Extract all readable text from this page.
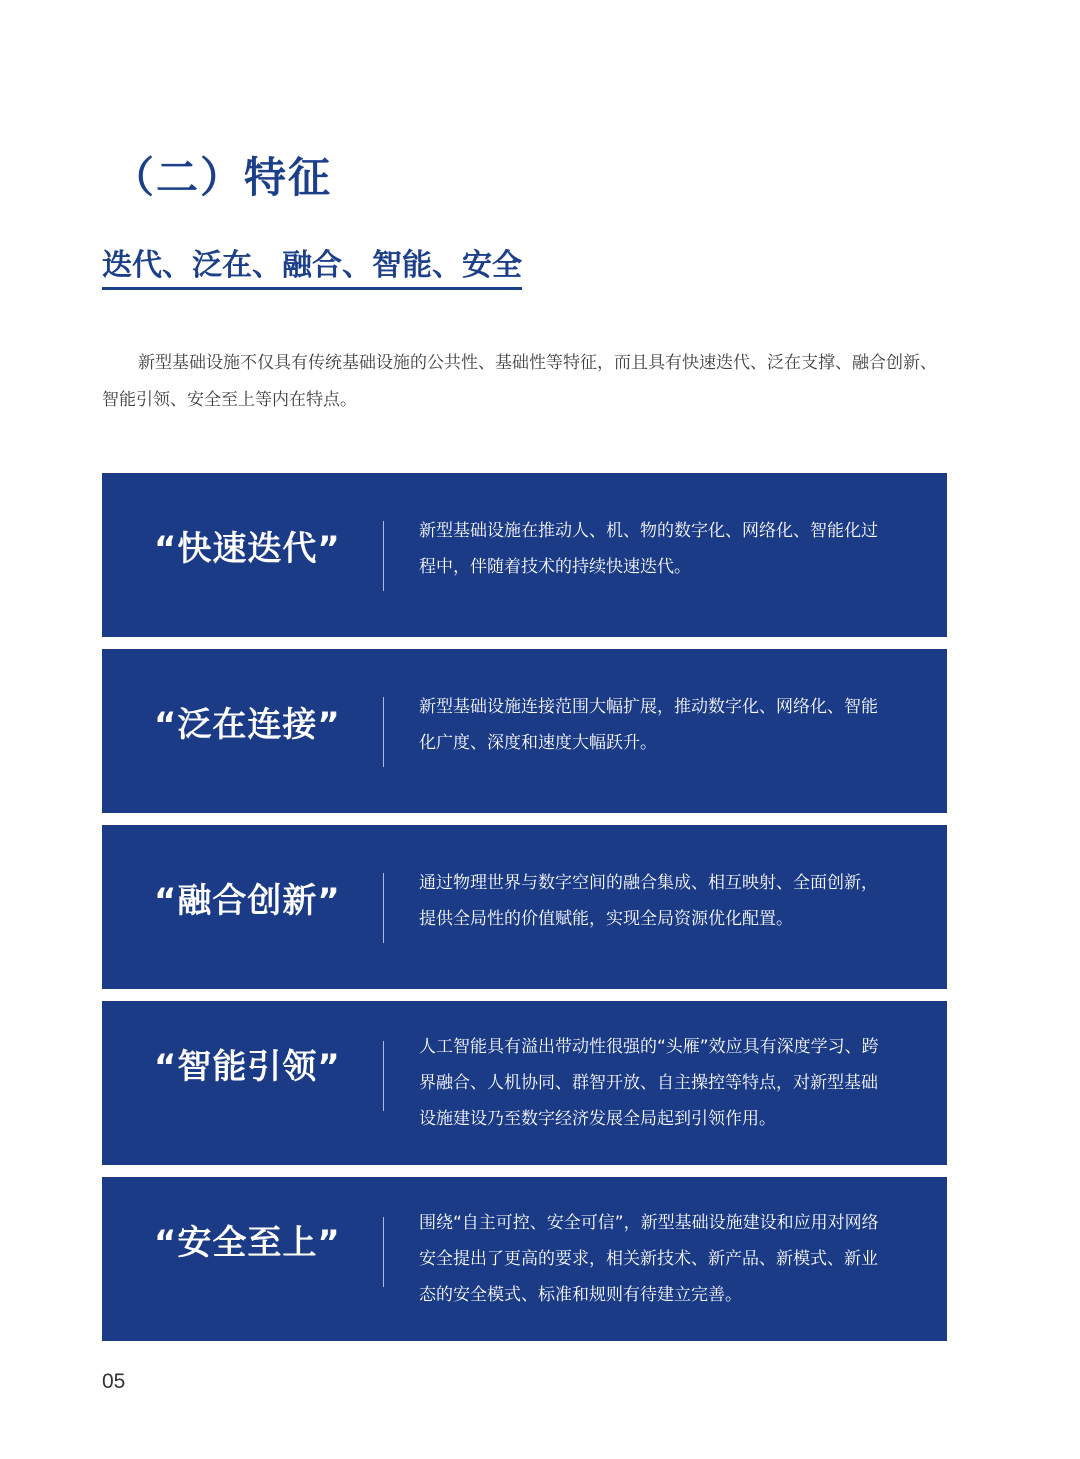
（二）特征
迭代、泛在、融合、智能、安全

新型基础设施不仅具有传统基础设施的公共性、基础性等特征，而且具有快速迭代、泛在支撑、融合创新、智能引领、安全至上等内在特点。

“快速迭代”	新型基础设施在推动人、机、物的数字化、网络化、智能化过程中，伴随着技术的持续快速迭代。

“泛在连接”	新型基础设施连接范围大幅扩展，推动数字化、网络化、智能化广度、深度和速度大幅跃升。

“融合创新”	通过物理世界与数字空间的融合集成、相互映射、全面创新，提供全局性的价值赋能，实现全局资源优化配置。

“智能引领”	人工智能具有溢出带动性很强的“头雁”效应具有深度学习、跨界融合、人机协同、群智开放、自主操控等特点，对新型基础设施建设乃至数字经济发展全局起到引领作用。

“安全至上”	围绕“自主可控、安全可信”，新型基础设施建设和应用对网络安全提出了更高的要求，相关新技术、新产品、新模式、新业态的安全模式、标准和规则有待建立完善。

05
